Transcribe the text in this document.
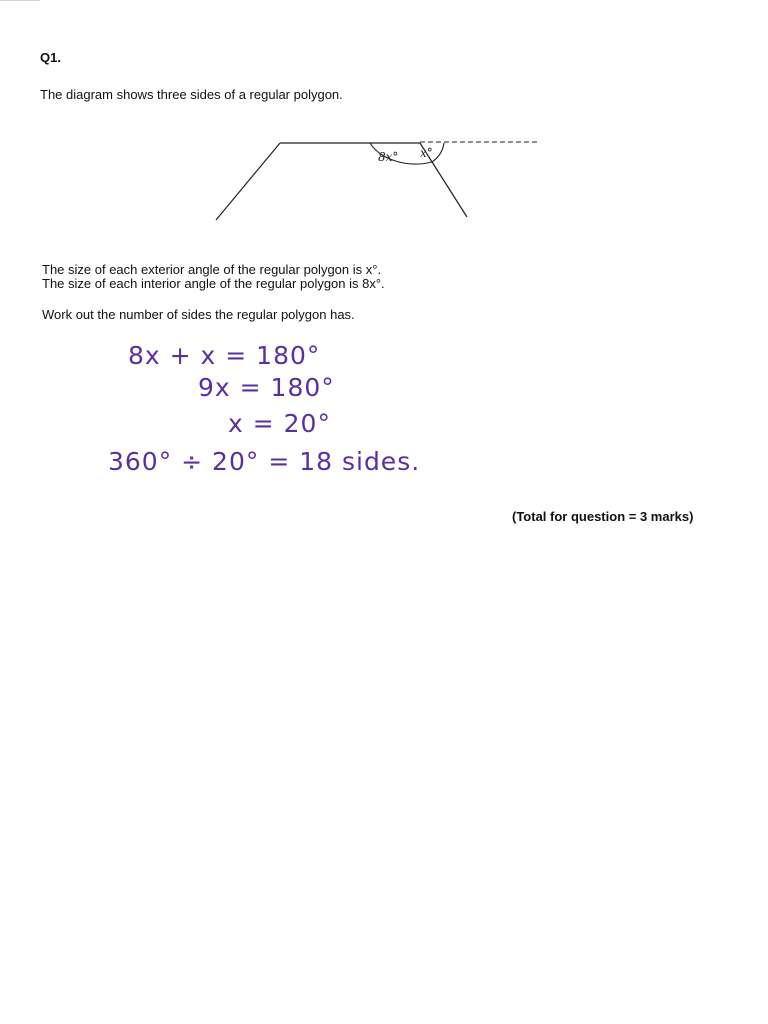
Q1.
The diagram shows three sides of a regular polygon.
8x° x°
The size of each exterior angle of the regular polygon is x°.
The size of each interior angle of the regular polygon is 8x°.
Work out the number of sides the regular polygon has.
8x + x = 180°
9x = 180°
x = 20°
360° ÷ 20° = 18 sides.
(Total for question = 3 marks)
